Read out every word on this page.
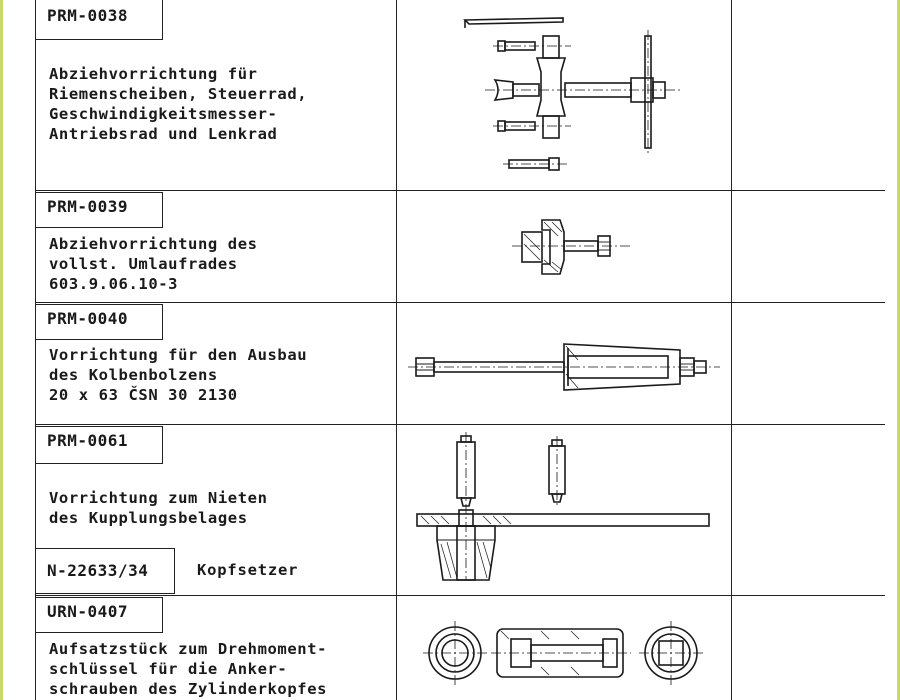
PRM-0038
Abziehvorrichtung für
Riemenscheiben, Steuerrad,
Geschwindigkeitsmesser-
Antriebsrad und Lenkrad
PRM-0039
Abziehvorrichtung des
vollst. Umlaufrades
603.9.06.10-3
PRM-0040
Vorrichtung für den Ausbau
des Kolbenbolzens
20 x 63 ČSN 30 2130
PRM-0061
Vorrichtung zum Nieten
des Kupplungsbelages
N-22633/34	Kopfsetzer
URN-0407
Aufsatzstück zum Drehmoment-
schlüssel für die Anker-
schrauben des Zylinderkopfes
